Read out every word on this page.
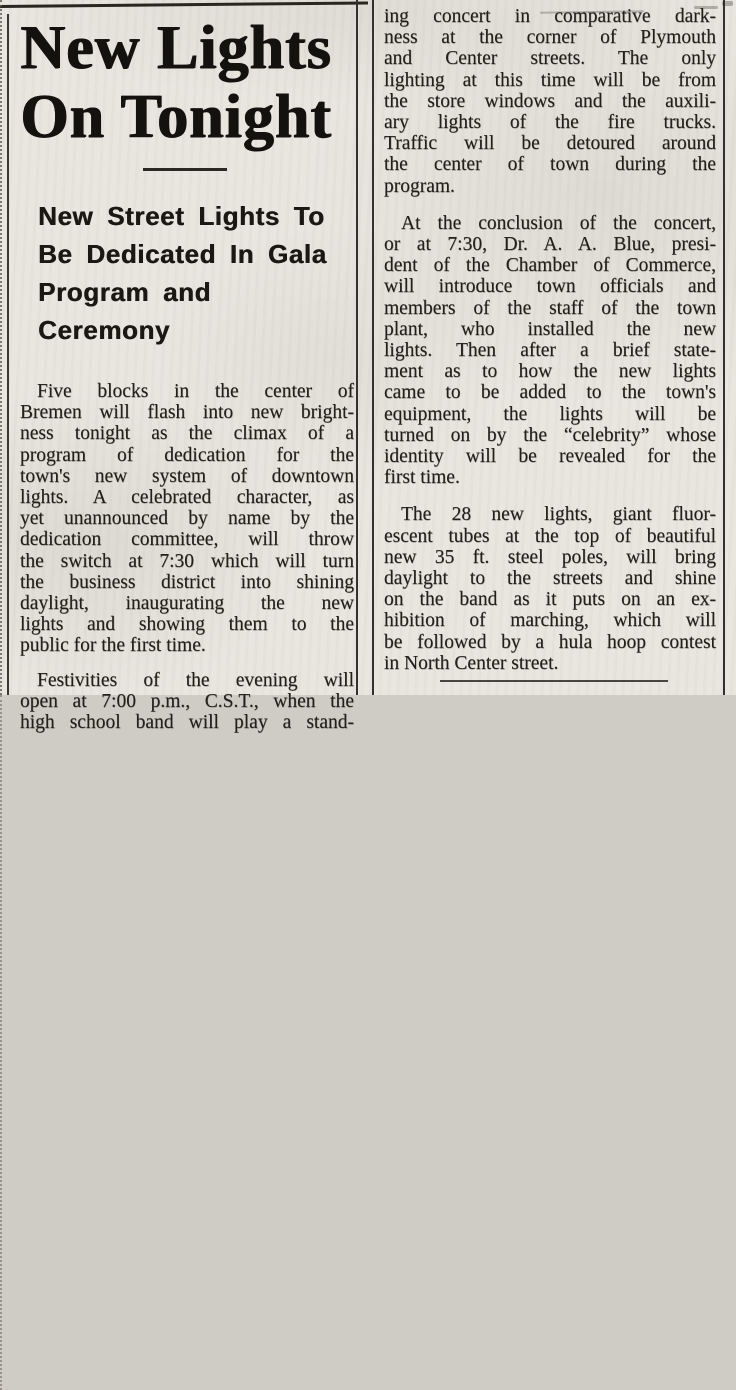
New Lights
On Tonight
New Street Lights To
Be Dedicated In Gala
Program and Ceremony

Five blocks in the center of
Bremen will flash into new bright-
ness tonight as the climax of a
program of dedication for the
town's new system of downtown
lights. A celebrated character, as
yet unannounced by name by the
dedication committee, will throw
the switch at 7:30 which will turn
the business district into shining
daylight, inaugurating the new
lights and showing them to the
public for the first time.

Festivities of the evening will
open at 7:00 p.m., C.S.T., when the
high school band will play a stand-

ing concert in comparative dark-
ness at the corner of Plymouth
and Center streets. The only
lighting at this time will be from
the store windows and the auxili-
ary lights of the fire trucks.
Traffic will be detoured around
the center of town during the
program.

At the conclusion of the concert,
or at 7:30, Dr. A. A. Blue, presi-
dent of the Chamber of Commerce,
will introduce town officials and
members of the staff of the town
plant, who installed the new
lights. Then after a brief state-
ment as to how the new lights
came to be added to the town's
equipment, the lights will be
turned on by the “celebrity” whose
identity will be revealed for the
first time.

The 28 new lights, giant fluor-
escent tubes at the top of beautiful
new 35 ft. steel poles, will bring
daylight to the streets and shine
on the band as it puts on an ex-
hibition of marching, which will
be followed by a hula hoop contest
in North Center street.
